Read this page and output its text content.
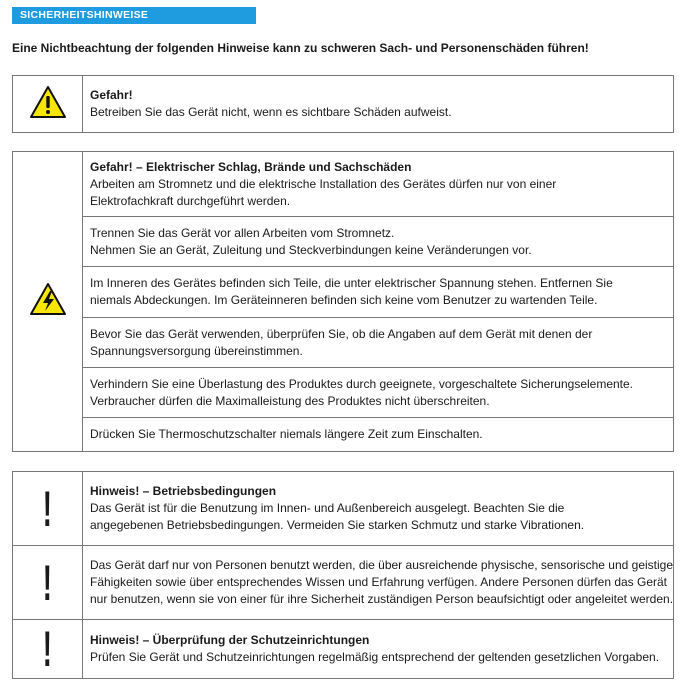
SICHERHEITSHINWEISE
Eine Nichtbeachtung der folgenden Hinweise kann zu schweren Sach- und Personenschäden führen!

Gefahr!
Betreiben Sie das Gerät nicht, wenn es sichtbare Schäden aufweist.

Gefahr! – Elektrischer Schlag, Brände und Sachschäden
Arbeiten am Stromnetz und die elektrische Installation des Gerätes dürfen nur von einer
Elektrofachkraft durchgeführt werden.

Trennen Sie das Gerät vor allen Arbeiten vom Stromnetz.
Nehmen Sie an Gerät, Zuleitung und Steckverbindungen keine Veränderungen vor.

Im Inneren des Gerätes befinden sich Teile, die unter elektrischer Spannung stehen. Entfernen Sie
niemals Abdeckungen. Im Geräteinneren befinden sich keine vom Benutzer zu wartenden Teile.

Bevor Sie das Gerät verwenden, überprüfen Sie, ob die Angaben auf dem Gerät mit denen der
Spannungsversorgung übereinstimmen.

Verhindern Sie eine Überlastung des Produktes durch geeignete, vorgeschaltete Sicherungselemente.
Verbraucher dürfen die Maximalleistung des Produktes nicht überschreiten.

Drücken Sie Thermoschutzschalter niemals längere Zeit zum Einschalten.
!	Hinweis! – Betriebsbedingungen
Das Gerät ist für die Benutzung im Innen- und Außenbereich ausgelegt. Beachten Sie die
angegebenen Betriebsbedingungen. Vermeiden Sie starken Schmutz und starke Vibrationen.

!	Das Gerät darf nur von Personen benutzt werden, die über ausreichende physische, sensorische und geistige
Fähigkeiten sowie über entsprechendes Wissen und Erfahrung verfügen. Andere Personen dürfen das Gerät
nur benutzen, wenn sie von einer für ihre Sicherheit zuständigen Person beaufsichtigt oder angeleitet werden.

!	Hinweis! – Überprüfung der Schutzeinrichtungen
Prüfen Sie Gerät und Schutzeinrichtungen regelmäßig entsprechend der geltenden gesetzlichen Vorgaben.
